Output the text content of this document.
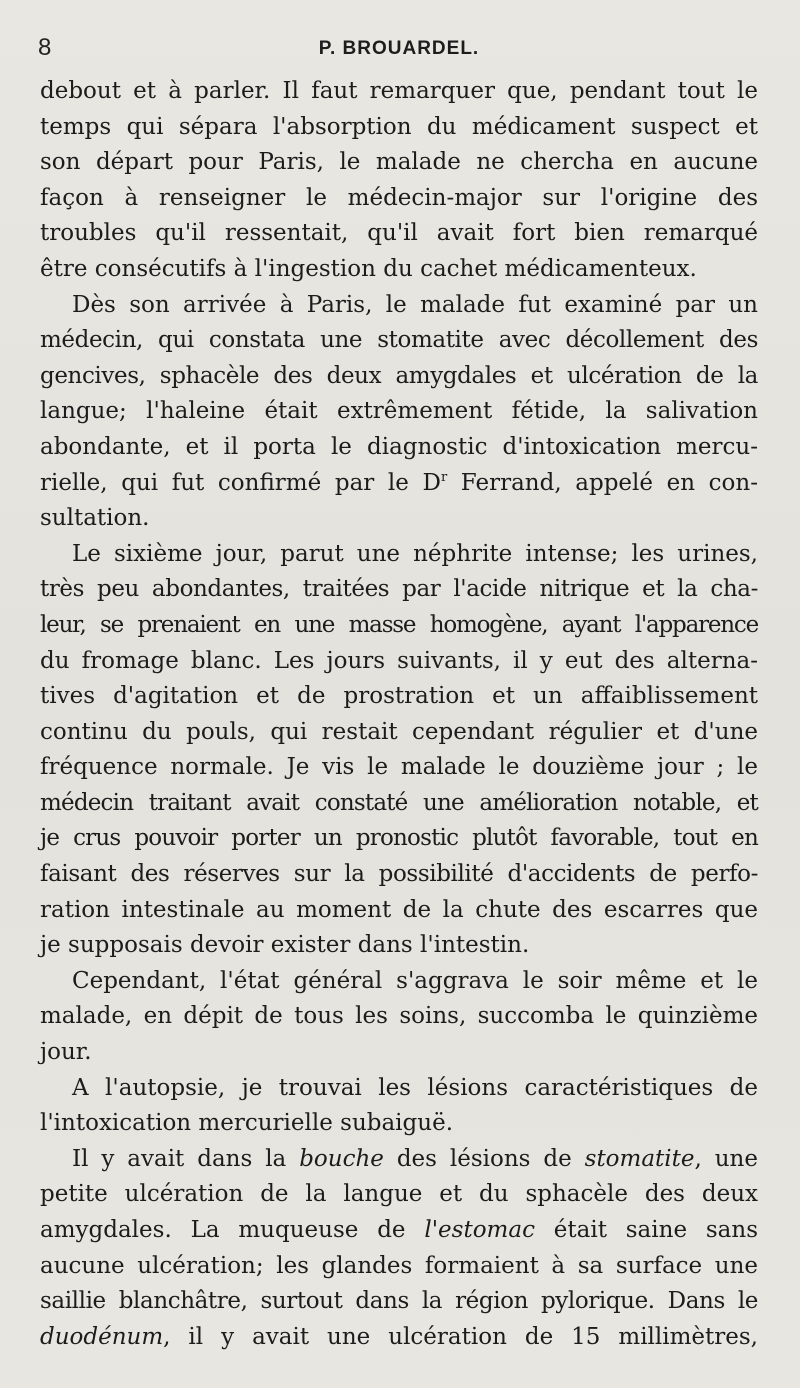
8	P. BROUARDEL.
debout et à parler. Il faut remarquer que, pendant tout le
temps qui sépara l'absorption du médicament suspect et
son départ pour Paris, le malade ne chercha en aucune
façon à renseigner le médecin-major sur l'origine des
troubles qu'il ressentait, qu'il avait fort bien remarqué
être consécutifs à l'ingestion du cachet médicamenteux.
Dès son arrivée à Paris, le malade fut examiné par un
médecin, qui constata une stomatite avec décollement des
gencives, sphacèle des deux amygdales et ulcération de la
langue; l'haleine était extrêmement fétide, la salivation
abondante, et il porta le diagnostic d'intoxication mercu-
rielle, qui fut confirmé par le $D^r$ Ferrand, appelé en con-
sultation.
Le sixième jour, parut une néphrite intense; les urines,
très peu abondantes, traitées par l'acide nitrique et la cha-
leur, se prenaient en une masse homogène, ayant l'apparence
du fromage blanc. Les jours suivants, il y eut des alterna-
tives d'agitation et de prostration et un affaiblissement
continu du pouls, qui restait cependant régulier et d'une
fréquence normale. Je vis le malade le douzième jour ; le
médecin traitant avait constaté une amélioration notable, et
je crus pouvoir porter un pronostic plutôt favorable, tout en
faisant des réserves sur la possibilité d'accidents de perfo-
ration intestinale au moment de la chute des escarres que
je supposais devoir exister dans l'intestin.
Cependant, l'état général s'aggrava le soir même et le
malade, en dépit de tous les soins, succomba le quinzième
jour.
A l'autopsie, je trouvai les lésions caractéristiques de
l'intoxication mercurielle subaiguë.
Il y avait dans la bouche des lésions de stomatite, une
petite ulcération de la langue et du sphacèle des deux
amygdales. La muqueuse de l'estomac était saine sans
aucune ulcération; les glandes formaient à sa surface une
saillie blanchâtre, surtout dans la région pylorique. Dans le
duodénum, il y avait une ulcération de 15 millimètres,
